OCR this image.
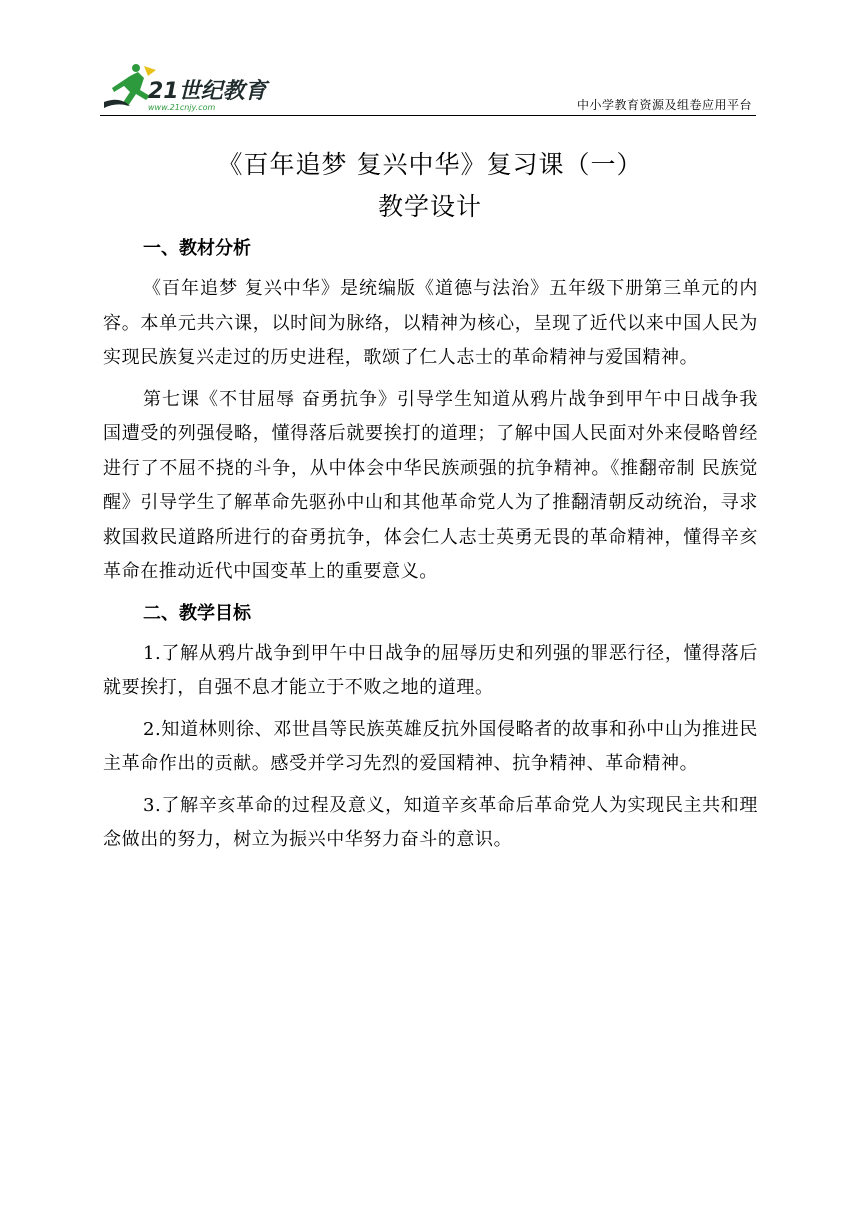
21世纪教育
www.21cnjy.com	中小学教育资源及组卷应用平台
《百年追梦 复兴中华》复习课（一）
教学设计
一、教材分析

《百年追梦 复兴中华》是统编版《道德与法治》五年级下册第三单元的内容。本单元共六课，以时间为脉络，以精神为核心，呈现了近代以来中国人民为实现民族复兴走过的历史进程，歌颂了仁人志士的革命精神与爱国精神。

第七课《不甘屈辱 奋勇抗争》引导学生知道从鸦片战争到甲午中日战争我国遭受的列强侵略，懂得落后就要挨打的道理；了解中国人民面对外来侵略曾经进行了不屈不挠的斗争，从中体会中华民族顽强的抗争精神。《推翻帝制 民族觉醒》引导学生了解革命先驱孙中山和其他革命党人为了推翻清朝反动统治，寻求救国救民道路所进行的奋勇抗争，体会仁人志士英勇无畏的革命精神，懂得辛亥革命在推动近代中国变革上的重要意义。

二、教学目标

1.了解从鸦片战争到甲午中日战争的屈辱历史和列强的罪恶行径，懂得落后就要挨打，自强不息才能立于不败之地的道理。

2.知道林则徐、邓世昌等民族英雄反抗外国侵略者的故事和孙中山为推进民主革命作出的贡献。感受并学习先烈的爱国精神、抗争精神、革命精神。

3.了解辛亥革命的过程及意义，知道辛亥革命后革命党人为实现民主共和理念做出的努力，树立为振兴中华努力奋斗的意识。
